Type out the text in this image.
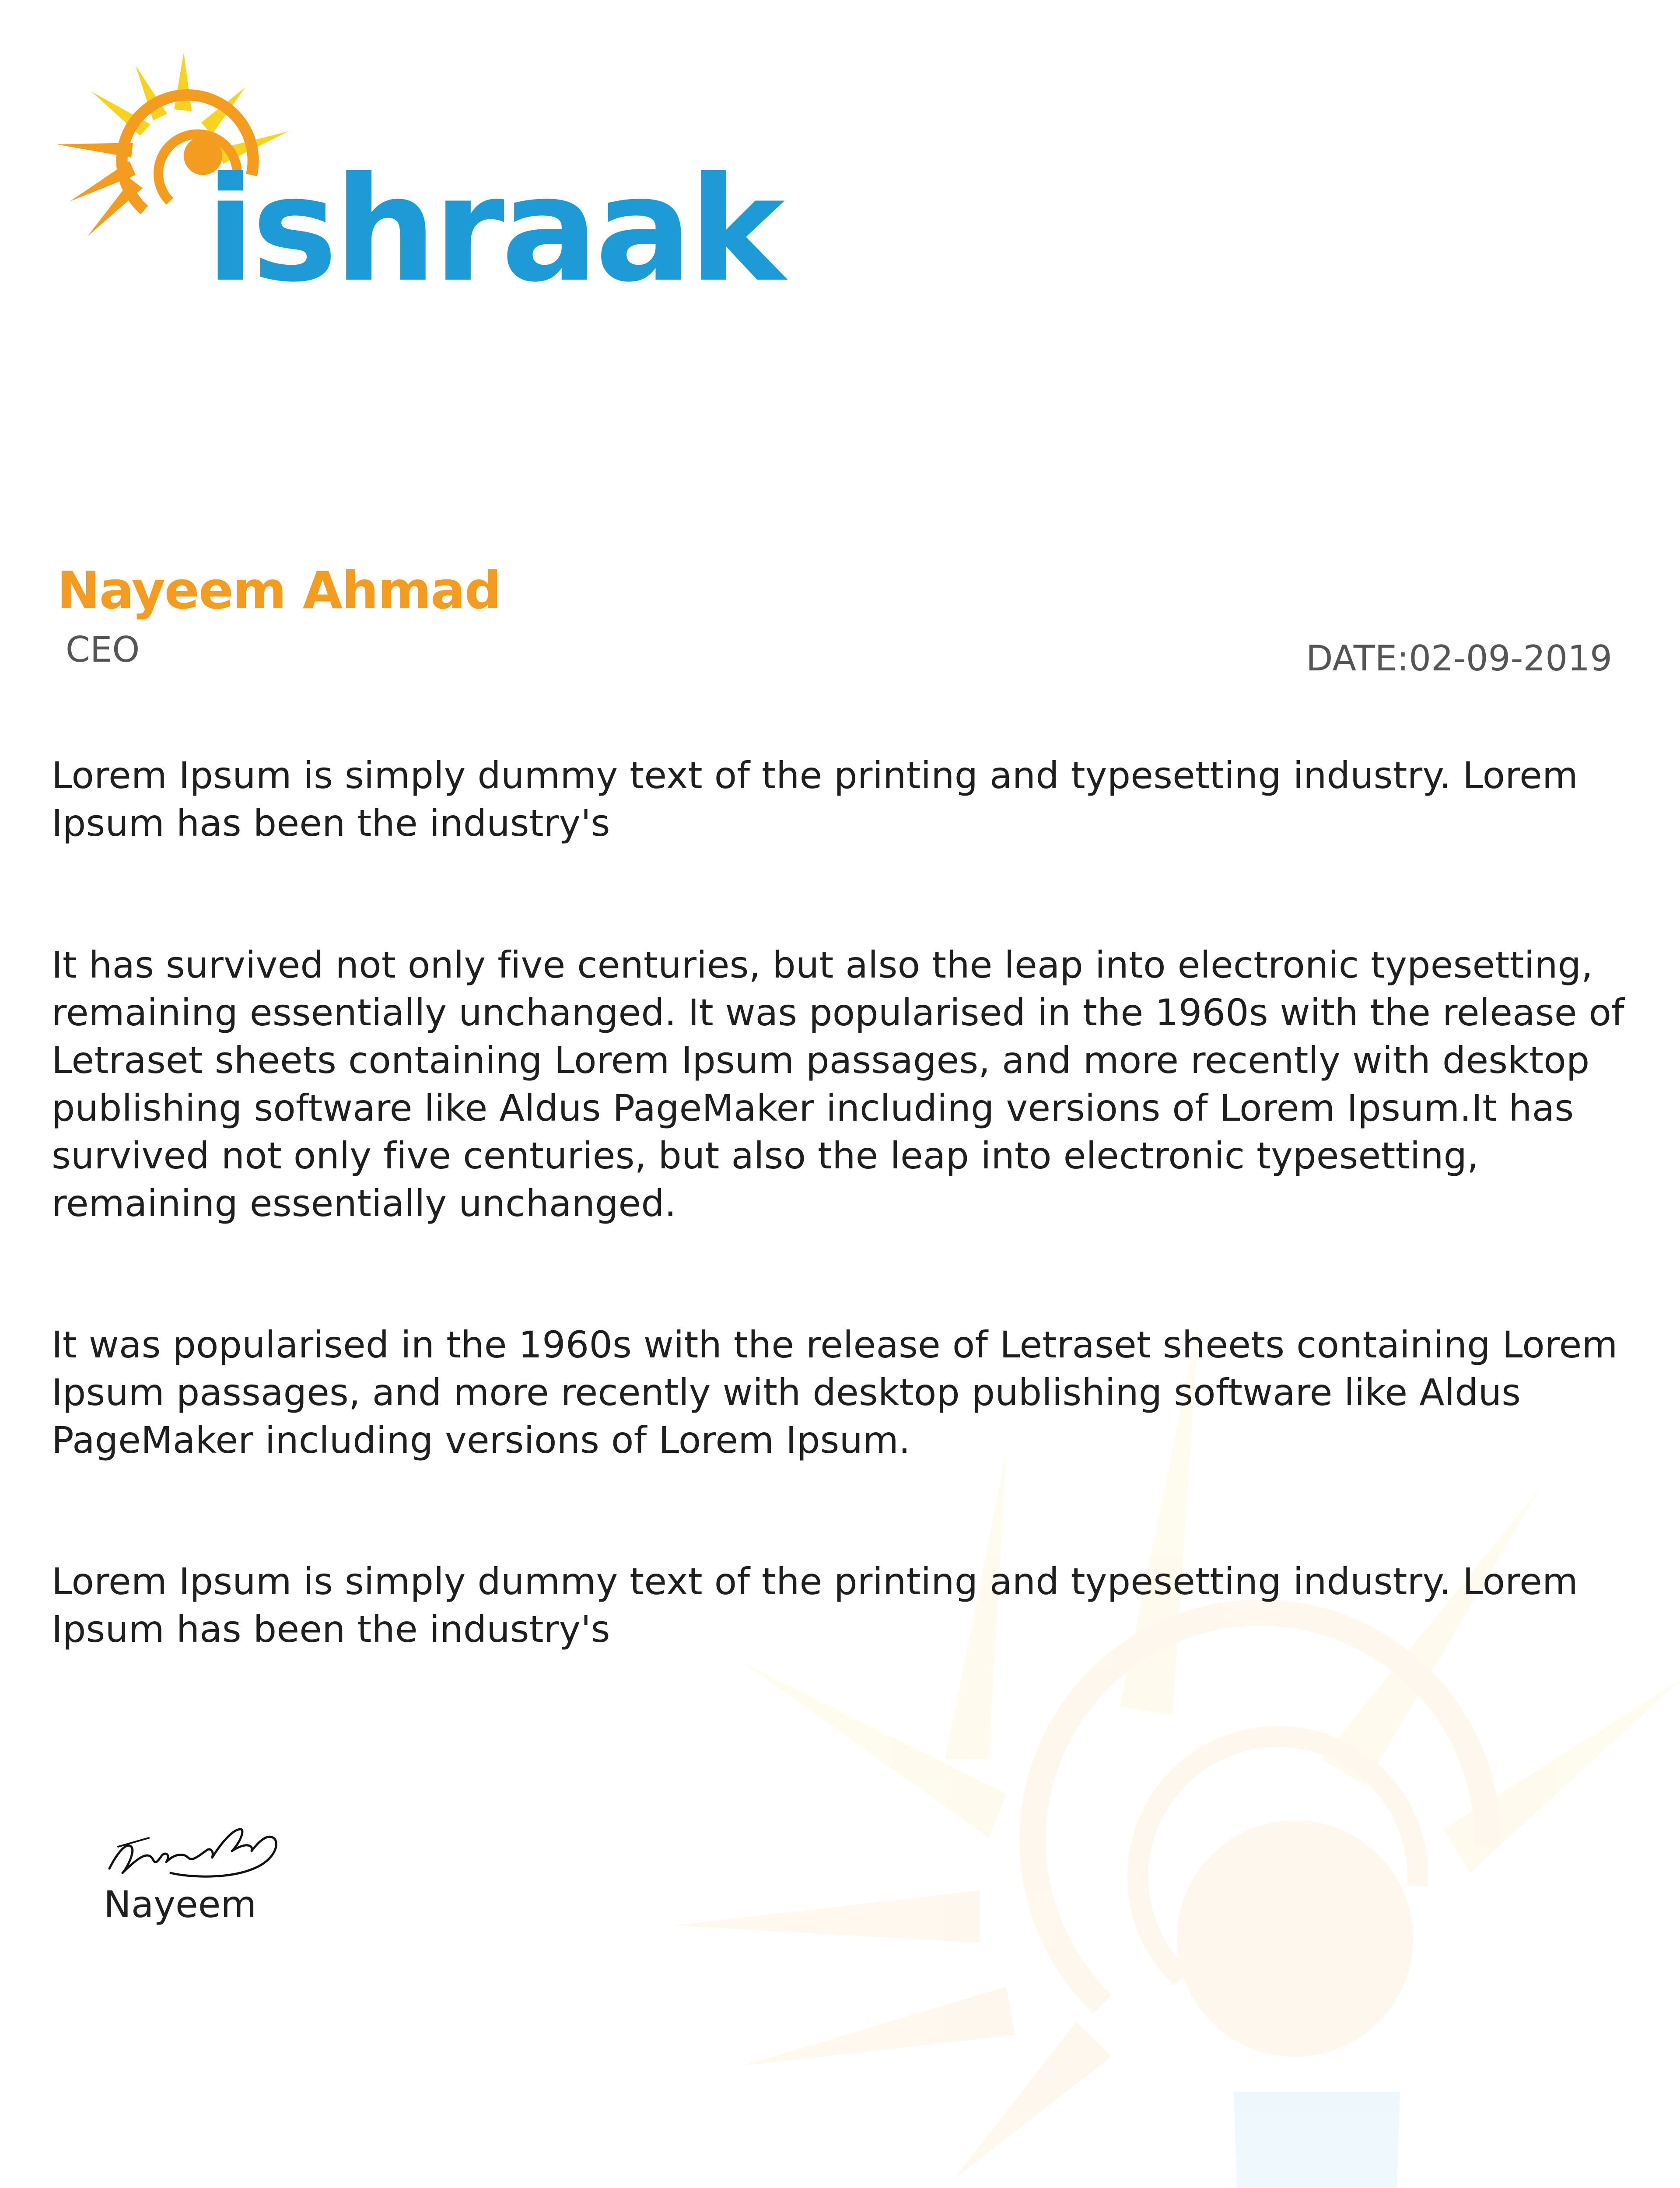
ishraak
Nayeem Ahmad
CEO	DATE:02-09-2019

Lorem Ipsum is simply dummy text of the printing and typesetting industry. Lorem Ipsum has been the industry's

It has survived not only five centuries, but also the leap into electronic typesetting, remaining essentially unchanged. It was popularised in the 1960s with the release of Letraset sheets containing Lorem Ipsum passages, and more recently with desktop publishing software like Aldus PageMaker including versions of Lorem Ipsum.It has survived not only five centuries, but also the leap into electronic typesetting, remaining essentially unchanged.

It was popularised in the 1960s with the release of Letraset sheets containing Lorem Ipsum passages, and more recently with desktop publishing software like Aldus PageMaker including versions of Lorem Ipsum.

Lorem Ipsum is simply dummy text of the printing and typesetting industry. Lorem Ipsum has been the industry's

Nayeem
